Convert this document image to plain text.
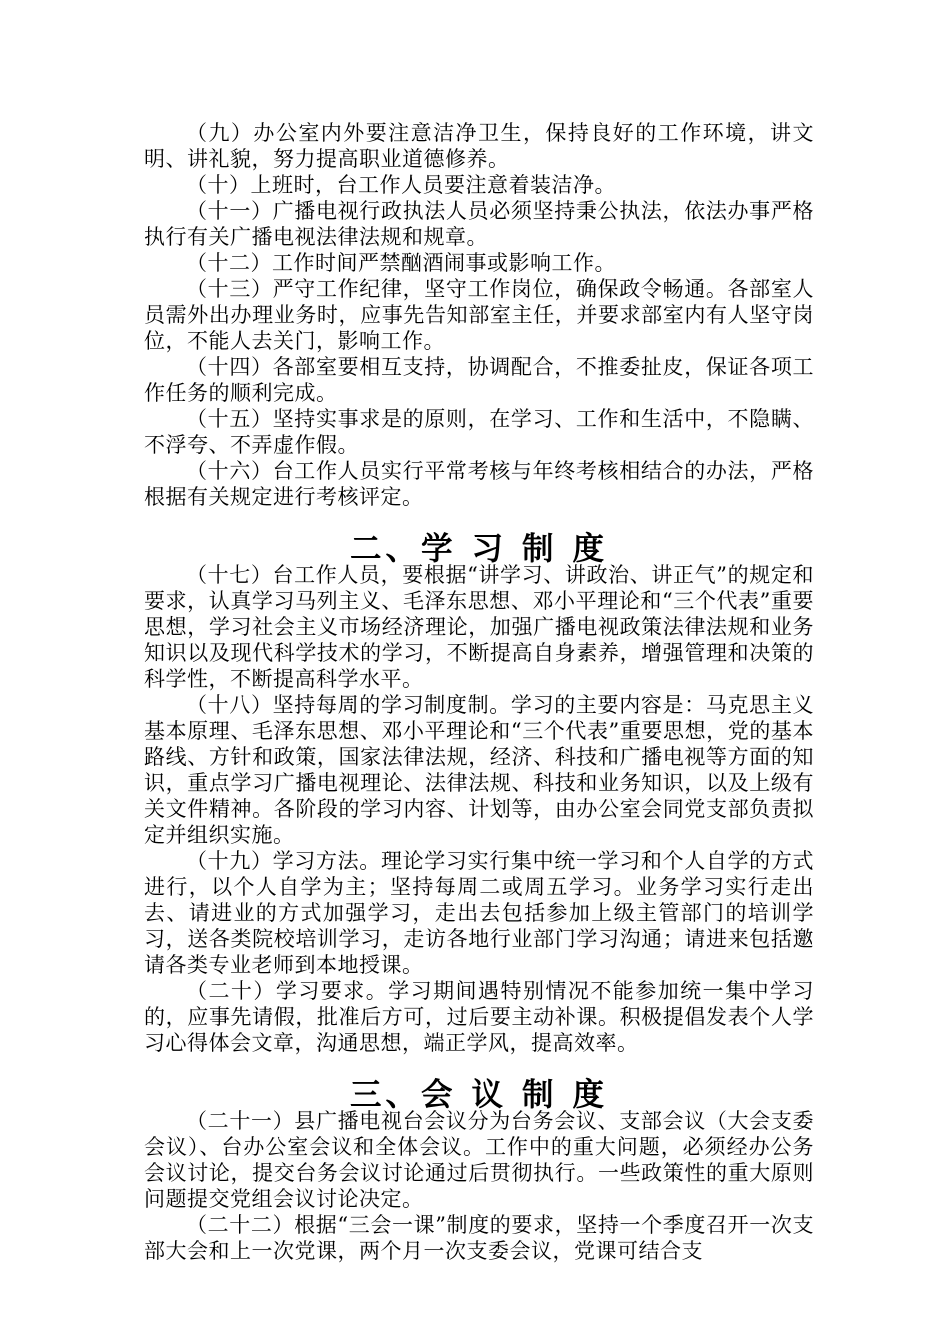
（九）办公室内外要注意洁净卫生，保持良好的工作环境，讲文明、讲礼貌，努力提高职业道德修养。

（十）上班时，台工作人员要注意着装洁净。

（十一）广播电视行政执法人员必须坚持秉公执法，依法办事严格执行有关广播电视法律法规和规章。

（十二）工作时间严禁酗酒闹事或影响工作。

（十三）严守工作纪律，坚守工作岗位，确保政令畅通。各部室人员需外出办理业务时，应事先告知部室主任，并要求部室内有人坚守岗位，不能人去关门，影响工作。

（十四）各部室要相互支持，协调配合，不推委扯皮，保证各项工作任务的顺利完成。

（十五）坚持实事求是的原则，在学习、工作和生活中，不隐瞒、不浮夸、不弄虚作假。

（十六）台工作人员实行平常考核与年终考核相结合的办法，严格根据有关规定进行考核评定。

二、学 习 制 度

（十七）台工作人员，要根据“讲学习、讲政治、讲正气”的规定和要求，认真学习马列主义、毛泽东思想、邓小平理论和“三个代表”重要思想，学习社会主义市场经济理论，加强广播电视政策法律法规和业务知识以及现代科学技术的学习，不断提高自身素养，增强管理和决策的科学性，不断提高科学水平。

（十八）坚持每周的学习制度制。学习的主要内容是：马克思主义基本原理、毛泽东思想、邓小平理论和“三个代表”重要思想，党的基本路线、方针和政策，国家法律法规，经济、科技和广播电视等方面的知识，重点学习广播电视理论、法律法规、科技和业务知识，以及上级有关文件精神。各阶段的学习内容、计划等，由办公室会同党支部负责拟定并组织实施。

（十九）学习方法。理论学习实行集中统一学习和个人自学的方式进行，以个人自学为主；坚持每周二或周五学习。业务学习实行走出去、请进业的方式加强学习，走出去包括参加上级主管部门的培训学习，送各类院校培训学习，走访各地行业部门学习沟通；请进来包括邀请各类专业老师到本地授课。

（二十）学习要求。学习期间遇特别情况不能参加统一集中学习的，应事先请假，批准后方可，过后要主动补课。积极提倡发表个人学习心得体会文章，沟通思想，端正学风，提高效率。

三、会 议 制 度

（二十一）县广播电视台会议分为台务会议、支部会议（大会支委会议）、台办公室会议和全体会议。工作中的重大问题，必须经办公务会议讨论，提交台务会议讨论通过后贯彻执行。一些政策性的重大原则问题提交党组会议讨论决定。

（二十二）根据“三会一课”制度的要求，坚持一个季度召开一次支部大会和上一次党课，两个月一次支委会议，党课可结合支
